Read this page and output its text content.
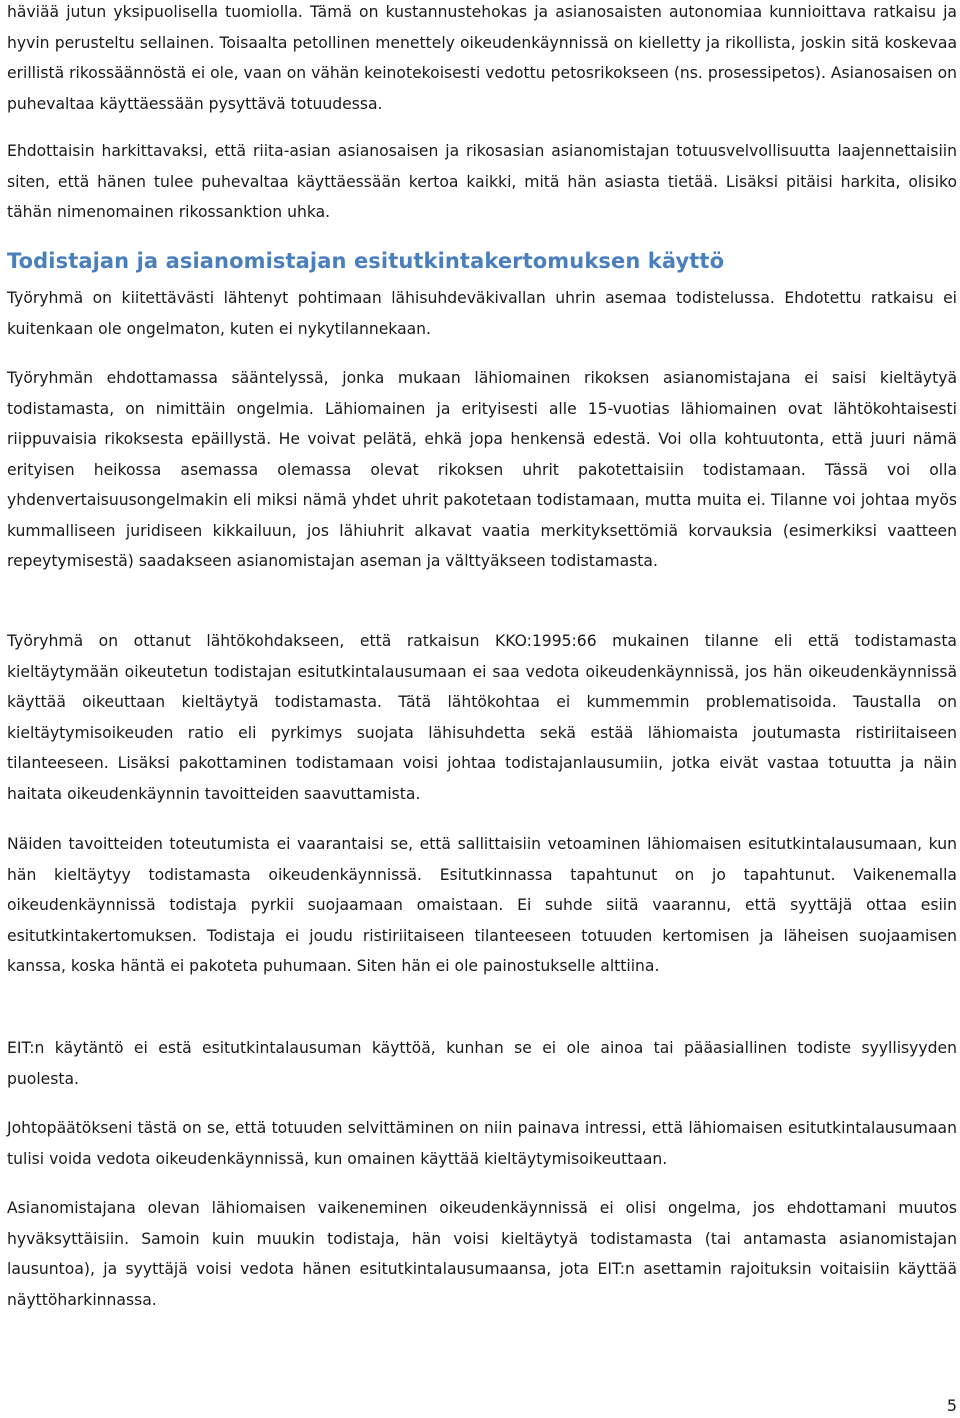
häviää jutun yksipuolisella tuomiolla. Tämä on kustannustehokas ja asianosaisten autonomiaa kunnioittava ratkaisu ja hyvin perusteltu sellainen. Toisaalta petollinen menettely oikeudenkäynnissä on kielletty ja rikollista, joskin sitä koskevaa erillistä rikossäännöstä ei ole, vaan on vähän keinotekoisesti vedottu petosrikokseen (ns. prosessipetos). Asianosaisen on puhevaltaa käyttäessään pysyttävä totuudessa.

Ehdottaisin harkittavaksi, että riita-asian asianosaisen ja rikosasian asianomistajan totuusvelvollisuutta laajennettaisiin siten, että hänen tulee puhevaltaa käyttäessään kertoa kaikki, mitä hän asiasta tietää. Lisäksi pitäisi harkita, olisiko tähän nimenomainen rikossanktion uhka.

Todistajan ja asianomistajan esitutkintakertomuksen käyttö

Työryhmä on kiitettävästi lähtenyt pohtimaan lähisuhdeväkivallan uhrin asemaa todistelussa. Ehdotettu ratkaisu ei kuitenkaan ole ongelmaton, kuten ei nykytilannekaan.

Työryhmän ehdottamassa sääntelyssä, jonka mukaan lähiomainen rikoksen asianomistajana ei saisi kieltäytyä todistamasta, on nimittäin ongelmia. Lähiomainen ja erityisesti alle 15-vuotias lähiomainen ovat lähtökohtaisesti riippuvaisia rikoksesta epäillystä. He voivat pelätä, ehkä jopa henkensä edestä. Voi olla kohtuutonta, että juuri nämä erityisen heikossa asemassa olemassa olevat rikoksen uhrit pakotettaisiin todistamaan. Tässä voi olla yhdenvertaisuusongelmakin eli miksi nämä yhdet uhrit pakotetaan todistamaan, mutta muita ei. Tilanne voi johtaa myös kummalliseen juridiseen kikkailuun, jos lähiuhrit alkavat vaatia merkityksettömiä korvauksia (esimerkiksi vaatteen repeytymisestä) saadakseen asianomistajan aseman ja välttyäkseen todistamasta.

Työryhmä on ottanut lähtökohdakseen, että ratkaisun KKO:1995:66 mukainen tilanne eli että todistamasta kieltäytymään oikeutetun todistajan esitutkintalausumaan ei saa vedota oikeudenkäynnissä, jos hän oikeudenkäynnissä käyttää oikeuttaan kieltäytyä todistamasta. Tätä lähtökohtaa ei kummemmin problematisoida. Taustalla on kieltäytymisoikeuden ratio eli pyrkimys suojata lähisuhdetta sekä estää lähiomaista joutumasta ristiriitaiseen tilanteeseen. Lisäksi pakottaminen todistamaan voisi johtaa todistajanlausumiin, jotka eivät vastaa totuutta ja näin haitata oikeudenkäynnin tavoitteiden saavuttamista.

Näiden tavoitteiden toteutumista ei vaarantaisi se, että sallittaisiin vetoaminen lähiomaisen esitutkintalausumaan, kun hän kieltäytyy todistamasta oikeudenkäynnissä. Esitutkinnassa tapahtunut on jo tapahtunut. Vaikenemalla oikeudenkäynnissä todistaja pyrkii suojaamaan omaistaan. Ei suhde siitä vaarannu, että syyttäjä ottaa esiin esitutkintakertomuksen. Todistaja ei joudu ristiriitaiseen tilanteeseen totuuden kertomisen ja läheisen suojaamisen kanssa, koska häntä ei pakoteta puhumaan. Siten hän ei ole painostukselle alttiina.

EIT:n käytäntö ei estä esitutkintalausuman käyttöä, kunhan se ei ole ainoa tai pääasiallinen todiste syyllisyyden puolesta.

Johtopäätökseni tästä on se, että totuuden selvittäminen on niin painava intressi, että lähiomaisen esitutkintalausumaan tulisi voida vedota oikeudenkäynnissä, kun omainen käyttää kieltäytymisoikeuttaan.

Asianomistajana olevan lähiomaisen vaikeneminen oikeudenkäynnissä ei olisi ongelma, jos ehdottamani muutos hyväksyttäisiin. Samoin kuin muukin todistaja, hän voisi kieltäytyä todistamasta (tai antamasta asianomistajan lausuntoa), ja syyttäjä voisi vedota hänen esitutkintalausumaansa, jota EIT:n asettamin rajoituksin voitaisiin käyttää näyttöharkinnassa.

5
